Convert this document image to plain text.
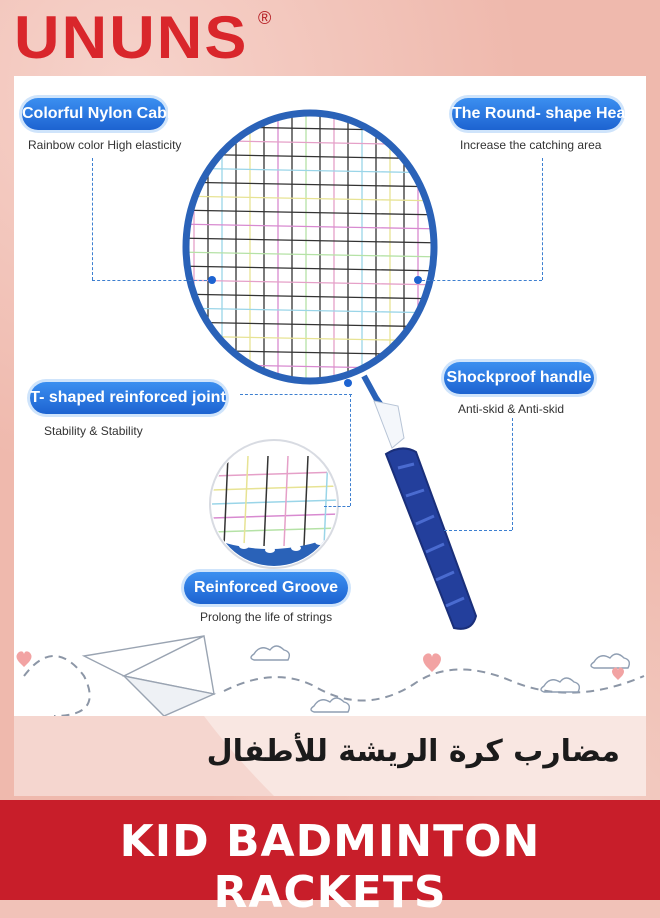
UNUNS ®
Colorful Nylon Cable
Rainbow color High elasticity
The Round- shape Head
Increase the catching area
T- shaped reinforced joint
Stability & Stability
Shockproof handle
Anti-skid & Anti-skid
Reinforced Groove
Prolong the life of strings
مضارب كرة الريشة للأطفال
KID BADMINTON RACKETS
